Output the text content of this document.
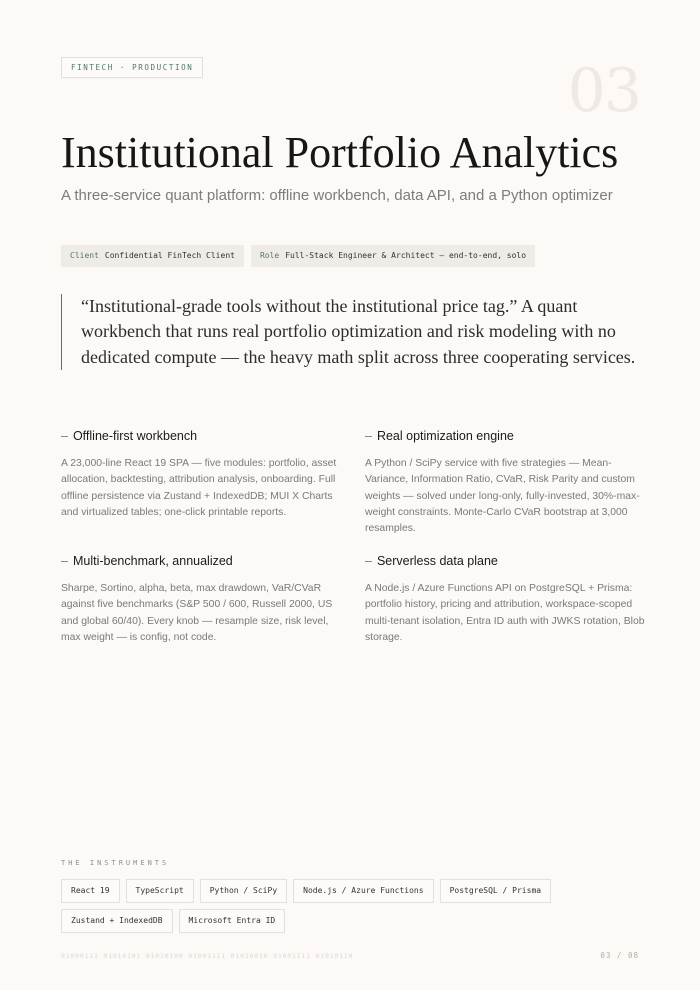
FINTECH · PRODUCTION	03
Institutional Portfolio Analytics

A three-service quant platform: offline workbench, data API, and a Python optimizer

Client Confidential FinTech Client	Role Full-Stack Engineer & Architect — end-to-end, solo
“Institutional-grade tools without the institutional price tag.” A quant workbench that runs real portfolio optimization and risk modeling with no dedicated compute — the heavy math split across three cooperating services.
– Offline-first workbench

A 23,000-line React 19 SPA — five modules: portfolio, asset allocation, backtesting, attribution analysis, onboarding. Full offline persistence via Zustand + IndexedDB; MUI X Charts and virtualized tables; one-click printable reports.

– Real optimization engine

A Python / SciPy service with five strategies — Mean-Variance, Information Ratio, CVaR, Risk Parity and custom weights — solved under long-only, fully-invested, 30%-max-weight constraints. Monte-Carlo CVaR bootstrap at 3,000 resamples.

– Multi-benchmark, annualized

Sharpe, Sortino, alpha, beta, max drawdown, VaR/CVaR against five benchmarks (S&P 500 / 600, Russell 2000, US and global 60/40). Every knob — resample size, risk level, max weight — is config, not code.

– Serverless data plane

A Node.js / Azure Functions API on PostgreSQL + Prisma: portfolio history, pricing and attribution, workspace-scoped multi-tenant isolation, Entra ID auth with JWKS rotation, Blob storage.

THE INSTRUMENTS
React 19	TypeScript	Python / SciPy	Node.js / Azure Functions	PostgreSQL / Prisma
Zustand + IndexedDB	Microsoft Entra ID
01000111 01010101 01010100 01001111 01010010 01001111 01010110	03 / 08
